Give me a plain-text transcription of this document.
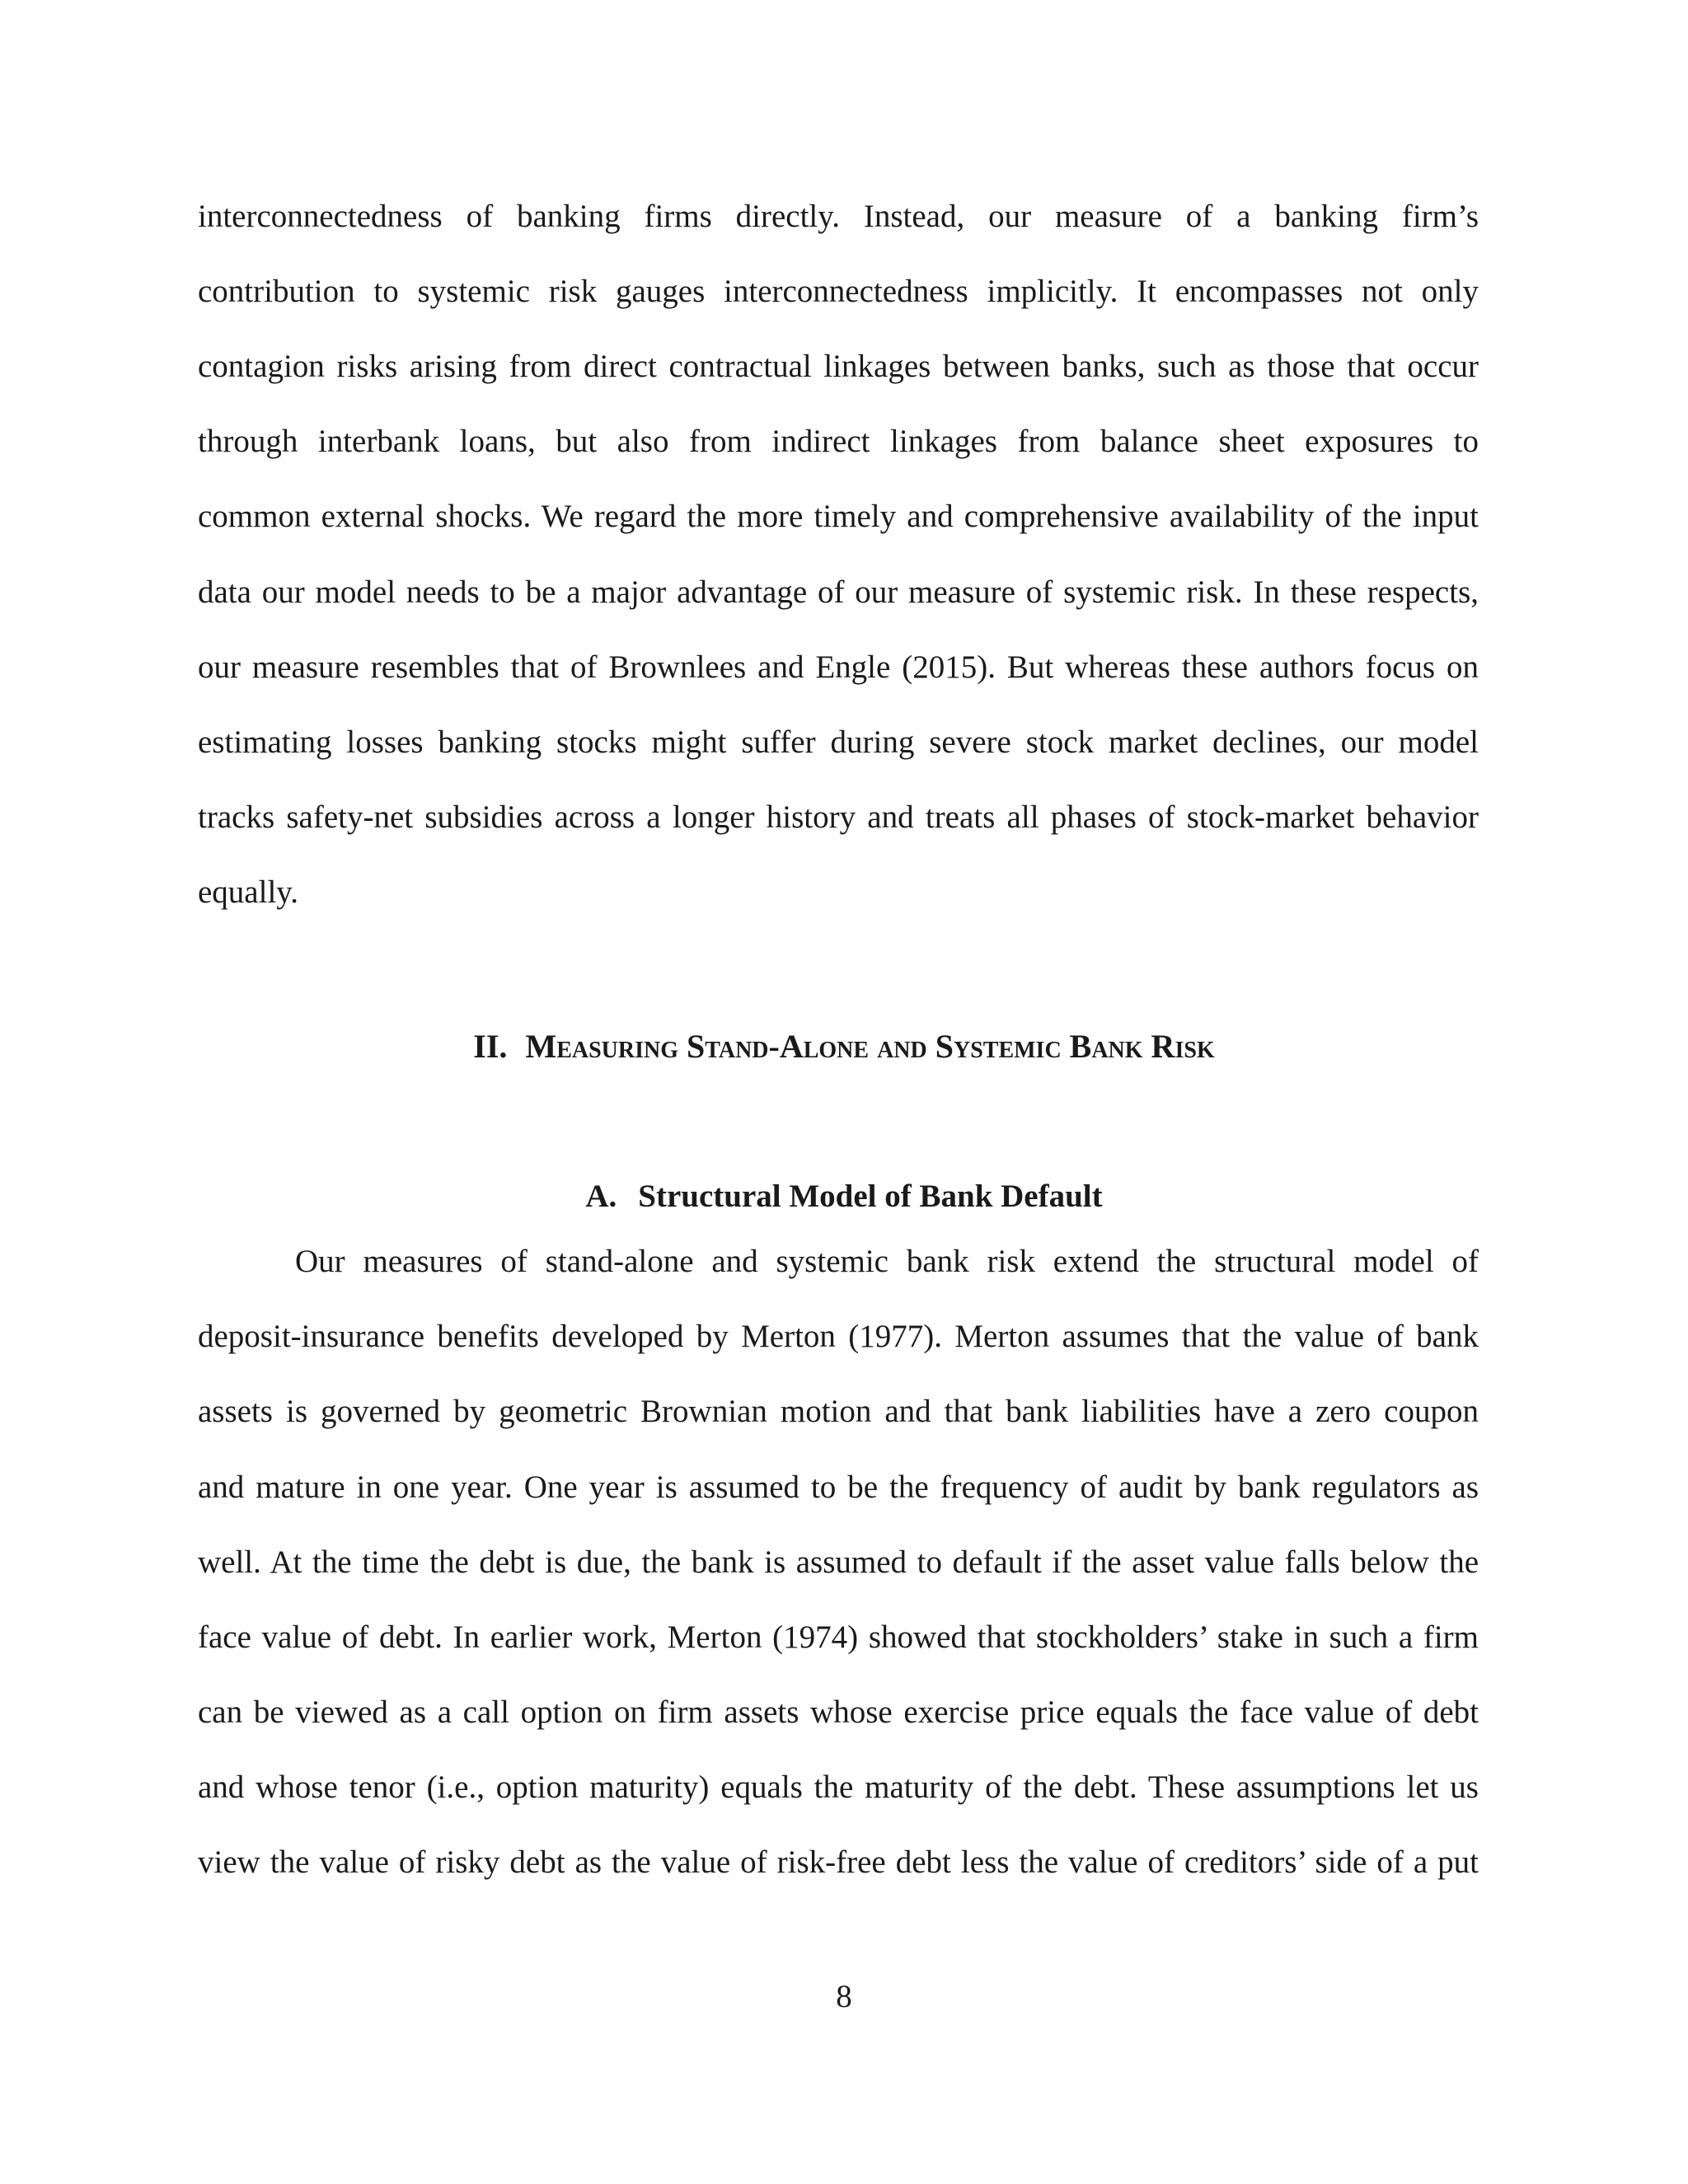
interconnectedness of banking firms directly. Instead, our measure of a banking firm’s
contribution to systemic risk gauges interconnectedness implicitly. It encompasses not only
contagion risks arising from direct contractual linkages between banks, such as those that occur
through interbank loans, but also from indirect linkages from balance sheet exposures to
common external shocks. We regard the more timely and comprehensive availability of the input
data our model needs to be a major advantage of our measure of systemic risk. In these respects,
our measure resembles that of Brownlees and Engle (2015). But whereas these authors focus on
estimating losses banking stocks might suffer during severe stock market declines, our model
tracks safety-net subsidies across a longer history and treats all phases of stock-market behavior
equally.
II. Measuring Stand-Alone and Systemic Bank Risk
A. Structural Model of Bank Default
Our measures of stand-alone and systemic bank risk extend the structural model of
deposit-insurance benefits developed by Merton (1977). Merton assumes that the value of bank
assets is governed by geometric Brownian motion and that bank liabilities have a zero coupon
and mature in one year. One year is assumed to be the frequency of audit by bank regulators as
well. At the time the debt is due, the bank is assumed to default if the asset value falls below the
face value of debt. In earlier work, Merton (1974) showed that stockholders’ stake in such a firm
can be viewed as a call option on firm assets whose exercise price equals the face value of debt
and whose tenor (i.e., option maturity) equals the maturity of the debt. These assumptions let us
view the value of risky debt as the value of risk-free debt less the value of creditors’ side of a put
8
